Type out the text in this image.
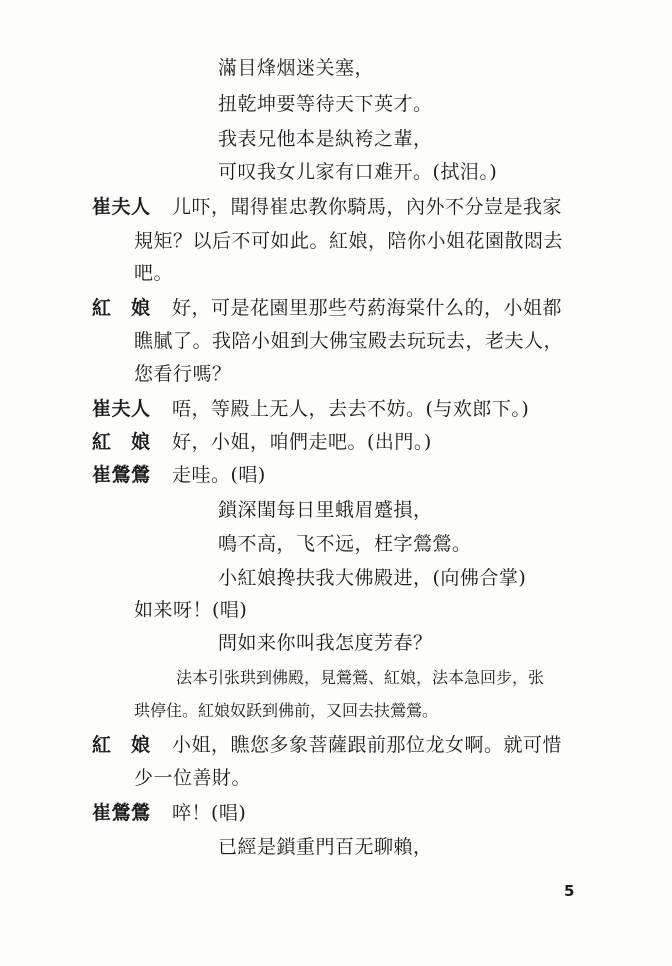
滿目烽烟迷关塞，
扭乾坤要等待天下英才。
我表兄他本是紈袴之輩，
可叹我女儿家有口难开。(拭泪。)
崔夫人 儿吓，聞得崔忠教你騎馬，內外不分豈是我家
規矩？以后不可如此。紅娘，陪你小姐花園散悶去
吧。
紅　娘 好，可是花園里那些芍葯海棠什么的，小姐都
瞧膩了。我陪小姐到大佛宝殿去玩玩去，老夫人，
您看行嗎？
崔夫人 唔，等殿上无人，去去不妨。(与欢郎下。)
紅　娘 好，小姐，咱們走吧。(出門。)
崔鶯鶯 走哇。(唱)
鎖深閨每日里蛾眉蹙損，
鳴不高，飞不远，枉字鶯鶯。
小紅娘搀扶我大佛殿进，(向佛合掌)
如来呀！(唱)
問如来你叫我怎度芳春？
法本引张珙到佛殿，見鶯鶯、紅娘，法本急回步，张
珙停住。紅娘奴跃到佛前，又回去扶鶯鶯。
紅　娘 小姐，瞧您多象菩薩跟前那位龙女啊。就可惜
少一位善財。
崔鶯鶯 啐！(唱)
已經是鎖重門百无聊賴，
5
